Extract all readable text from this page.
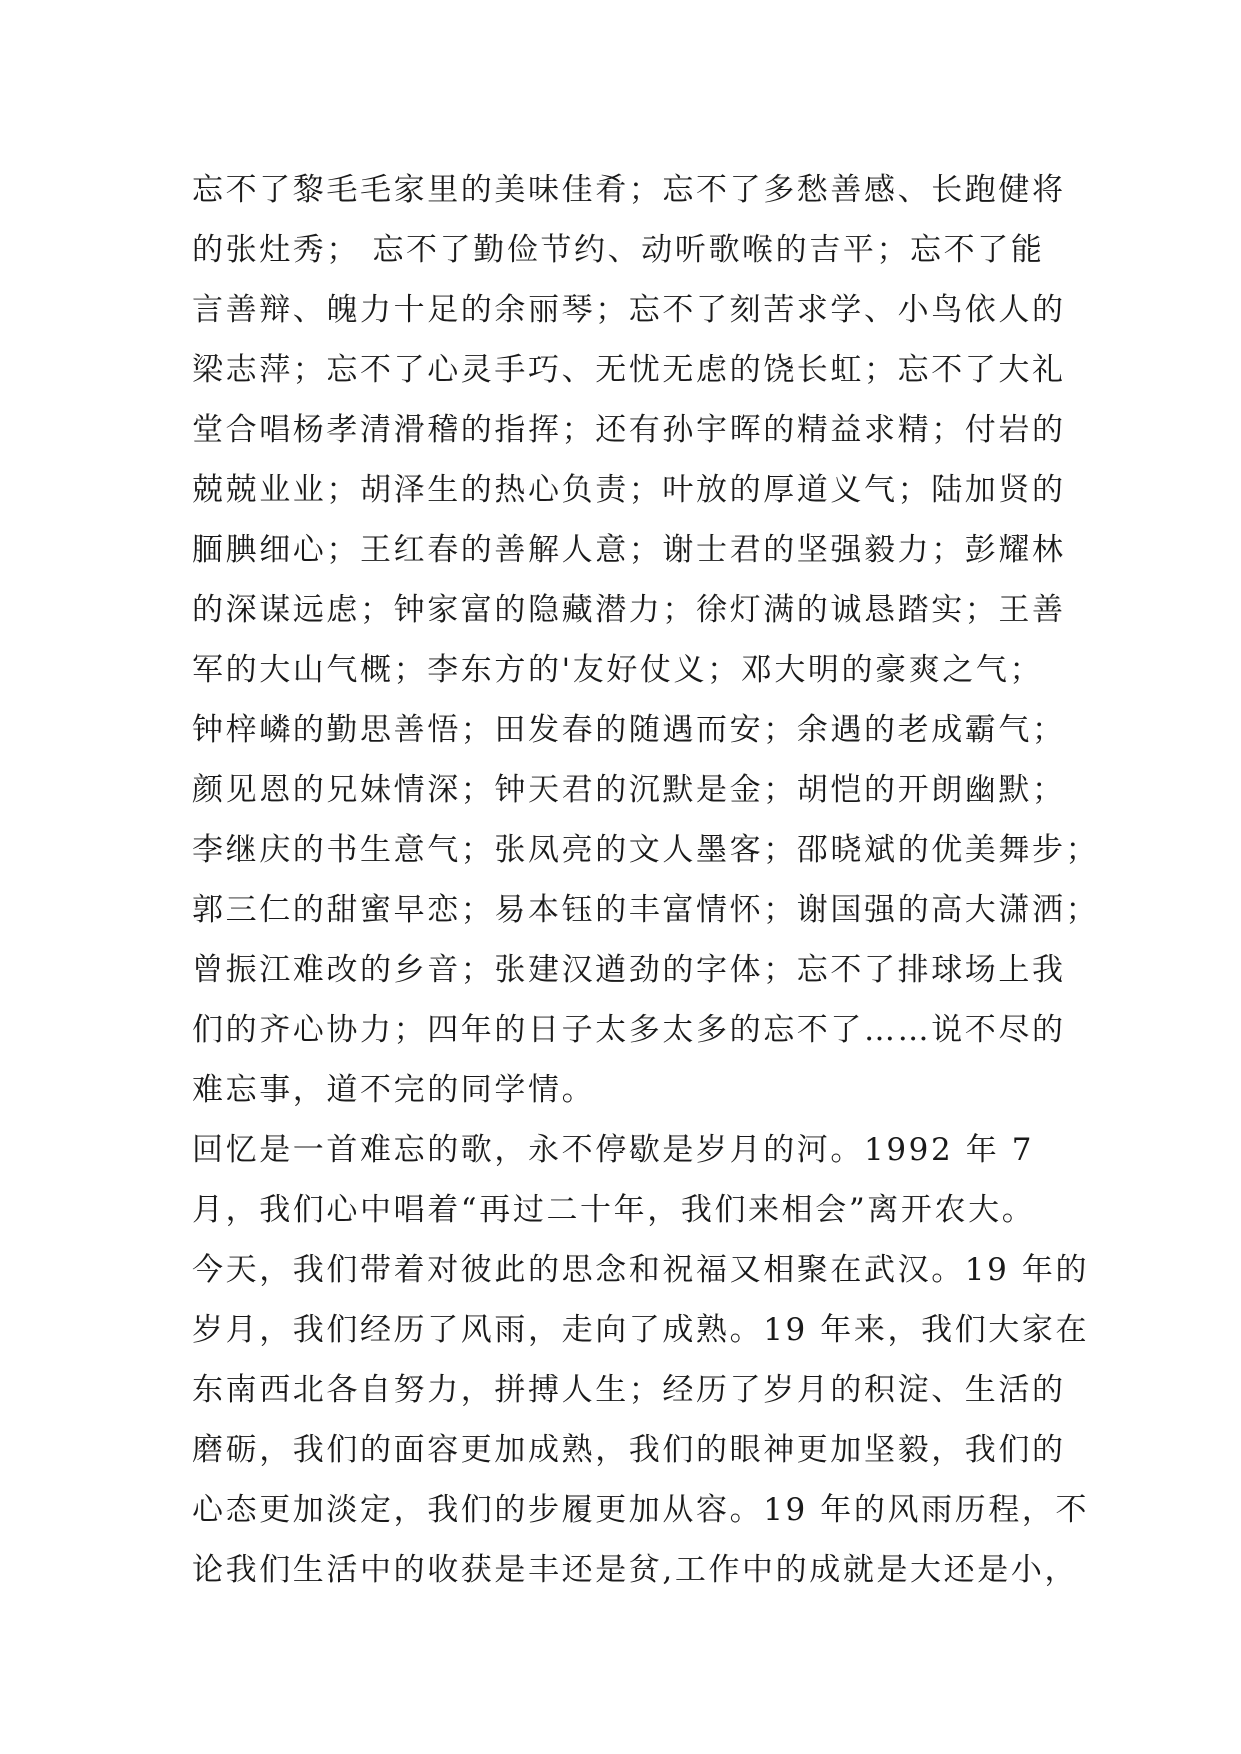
忘不了黎毛毛家里的美味佳肴；忘不了多愁善感、长跑健将
的张灶秀； 忘不了勤俭节约、动听歌喉的吉平；忘不了能
言善辩、魄力十足的余丽琴；忘不了刻苦求学、小鸟依人的
梁志萍；忘不了心灵手巧、无忧无虑的饶长虹；忘不了大礼
堂合唱杨孝清滑稽的指挥；还有孙宇晖的精益求精；付岩的
兢兢业业；胡泽生的热心负责；叶放的厚道义气；陆加贤的
腼腆细心；王红春的善解人意；谢士君的坚强毅力；彭耀林
的深谋远虑；钟家富的隐藏潜力；徐灯满的诚恳踏实；王善
军的大山气概；李东方的'友好仗义；邓大明的豪爽之气；
钟梓嶙的勤思善悟；田发春的随遇而安；余遇的老成霸气；
颜见恩的兄妹情深；钟天君的沉默是金；胡恺的开朗幽默；
李继庆的书生意气；张凤亮的文人墨客；邵晓斌的优美舞步；
郭三仁的甜蜜早恋；易本钰的丰富情怀；谢国强的高大潇洒；
曾振江难改的乡音；张建汉遒劲的字体；忘不了排球场上我
们的齐心协力；四年的日子太多太多的忘不了……说不尽的
难忘事，道不完的同学情。
回忆是一首难忘的歌，永不停歇是岁月的河。1992 年 7
月，我们心中唱着“再过二十年，我们来相会”离开农大。
今天，我们带着对彼此的思念和祝福又相聚在武汉。19 年的
岁月，我们经历了风雨，走向了成熟。19 年来，我们大家在
东南西北各自努力，拼搏人生；经历了岁月的积淀、生活的
磨砺，我们的面容更加成熟，我们的眼神更加坚毅，我们的
心态更加淡定，我们的步履更加从容。19 年的风雨历程，不
论我们生活中的收获是丰还是贫,工作中的成就是大还是小，
